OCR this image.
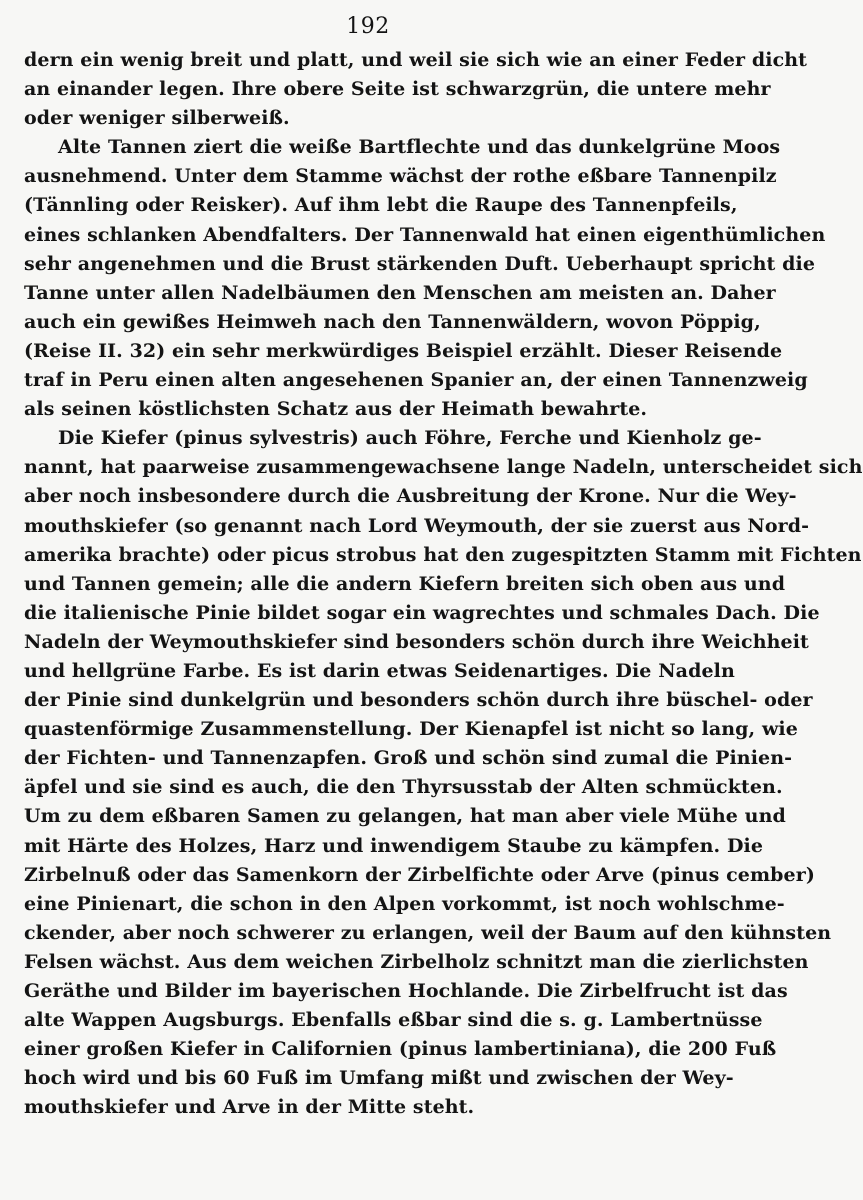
192
dern ein wenig breit und platt, und weil sie sich wie an einer Feder dicht
an einander legen. Ihre obere Seite ist schwarzgrün, die untere mehr
oder weniger silberweiß.
Alte Tannen ziert die weiße Bartflechte und das dunkelgrüne Moos
ausnehmend. Unter dem Stamme wächst der rothe eßbare Tannenpilz
(Tännling oder Reisker). Auf ihm lebt die Raupe des Tannenpfeils,
eines schlanken Abendfalters. Der Tannenwald hat einen eigenthümlichen
sehr angenehmen und die Brust stärkenden Duft. Ueberhaupt spricht die
Tanne unter allen Nadelbäumen den Menschen am meisten an. Daher
auch ein gewißes Heimweh nach den Tannenwäldern, wovon Pöppig,
(Reise II. 32) ein sehr merkwürdiges Beispiel erzählt. Dieser Reisende
traf in Peru einen alten angesehenen Spanier an, der einen Tannenzweig
als seinen köstlichsten Schatz aus der Heimath bewahrte.
Die Kiefer (pinus sylvestris) auch Föhre, Ferche und Kienholz ge-
nannt, hat paarweise zusammengewachsene lange Nadeln, unterscheidet sich
aber noch insbesondere durch die Ausbreitung der Krone. Nur die Wey-
mouthskiefer (so genannt nach Lord Weymouth, der sie zuerst aus Nord-
amerika brachte) oder picus strobus hat den zugespitzten Stamm mit Fichten
und Tannen gemein; alle die andern Kiefern breiten sich oben aus und
die italienische Pinie bildet sogar ein wagrechtes und schmales Dach. Die
Nadeln der Weymouthskiefer sind besonders schön durch ihre Weichheit
und hellgrüne Farbe. Es ist darin etwas Seidenartiges. Die Nadeln
der Pinie sind dunkelgrün und besonders schön durch ihre büschel- oder
quastenförmige Zusammenstellung. Der Kienapfel ist nicht so lang, wie
der Fichten- und Tannenzapfen. Groß und schön sind zumal die Pinien-
äpfel und sie sind es auch, die den Thyrsusstab der Alten schmückten.
Um zu dem eßbaren Samen zu gelangen, hat man aber viele Mühe und
mit Härte des Holzes, Harz und inwendigem Staube zu kämpfen. Die
Zirbelnuß oder das Samenkorn der Zirbelfichte oder Arve (pinus cember)
eine Pinienart, die schon in den Alpen vorkommt, ist noch wohlschme-
ckender, aber noch schwerer zu erlangen, weil der Baum auf den kühnsten
Felsen wächst. Aus dem weichen Zirbelholz schnitzt man die zierlichsten
Geräthe und Bilder im bayerischen Hochlande. Die Zirbelfrucht ist das
alte Wappen Augsburgs. Ebenfalls eßbar sind die s. g. Lambertnüsse
einer großen Kiefer in Californien (pinus lambertiniana), die 200 Fuß
hoch wird und bis 60 Fuß im Umfang mißt und zwischen der Wey-
mouthskiefer und Arve in der Mitte steht.
